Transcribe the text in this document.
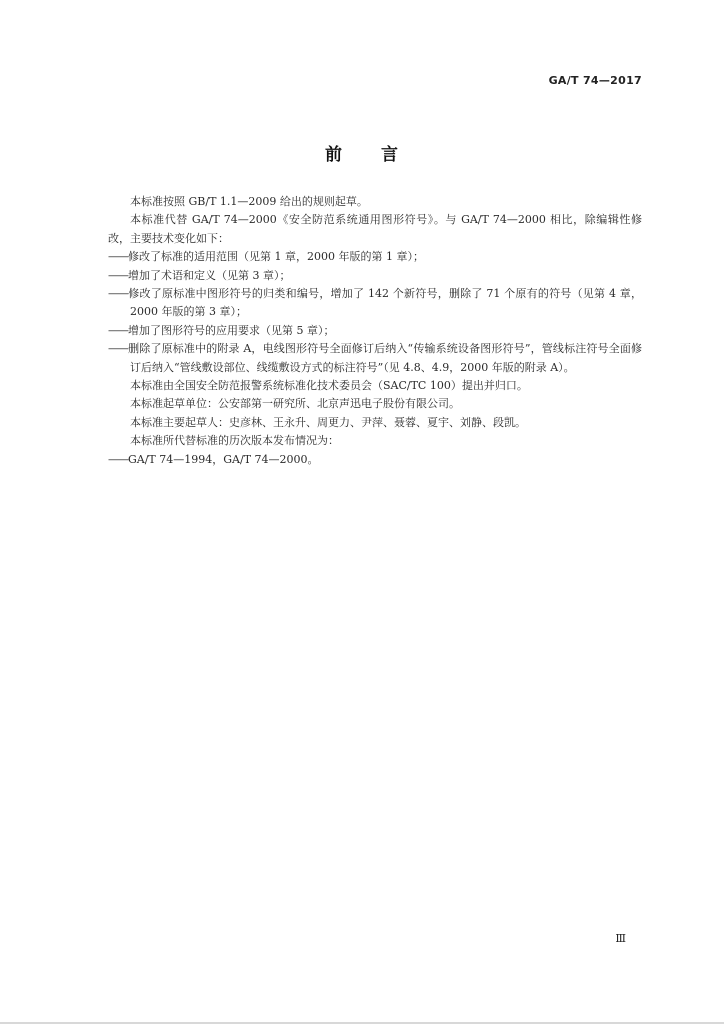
GA/T 74—2017
前 言

本标准按照 GB/T 1.1—2009 给出的规则起草。

本标准代替 GA/T 74—2000《安全防范系统通用图形符号》。与 GA/T 74—2000 相比，除编辑性修改，主要技术变化如下：

——修改了标准的适用范围（见第 1 章，2000 年版的第 1 章）；

——增加了术语和定义（见第 3 章）；

——修改了原标准中图形符号的归类和编号，增加了 142 个新符号，删除了 71 个原有的符号（见第 4 章，2000 年版的第 3 章）；

——增加了图形符号的应用要求（见第 5 章）；

——删除了原标准中的附录 A，电线图形符号全面修订后纳入“传输系统设备图形符号”，管线标注符号全面修订后纳入“管线敷设部位、线缆敷设方式的标注符号”（见 4.8、4.9，2000 年版的附录 A）。

本标准由全国安全防范报警系统标准化技术委员会（SAC/TC 100）提出并归口。

本标准起草单位：公安部第一研究所、北京声迅电子股份有限公司。

本标准主要起草人：史彦林、王永升、周更力、尹萍、聂蓉、夏宇、刘静、段凯。

本标准所代替标准的历次版本发布情况为：

——GA/T 74—1994，GA/T 74—2000。

Ⅲ
